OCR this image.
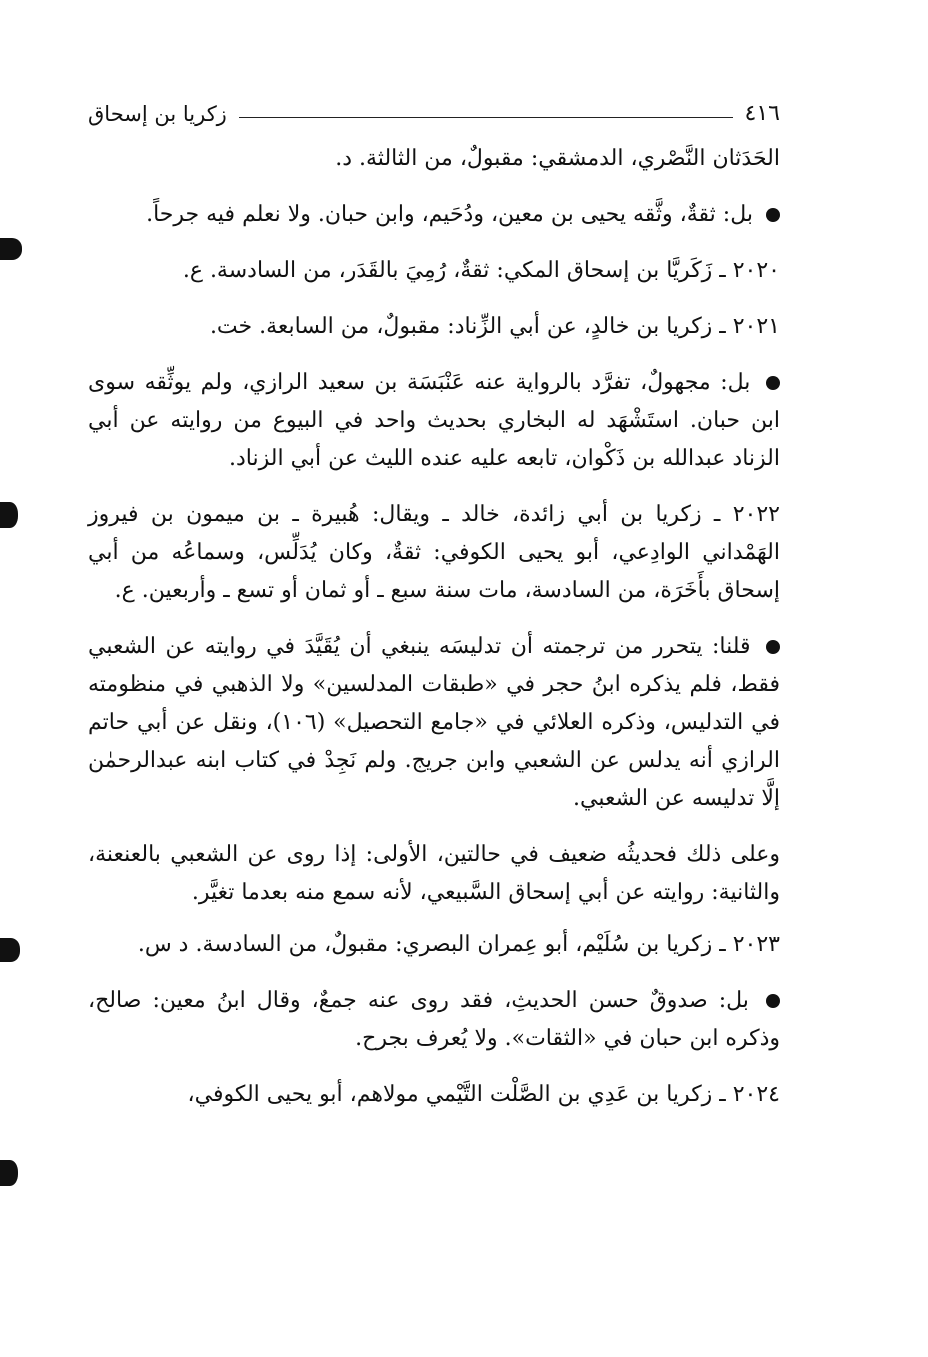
٤١٦
زكريا بن إسحاق

الحَدَثان النَّصْري، الدمشقي: مقبولٌ، من الثالثة. د.

بل: ثقةٌ، وثَّقه يحيى بن معين، ودُحَيم، وابن حبان. ولا نعلم فيه جرحاً.

٢٠٢٠ ـ زَكَريَّا بن إسحاق المكي: ثقةٌ، رُمِيَ بالقَدَر، من السادسة. ع.

٢٠٢١ ـ زكريا بن خالدٍ، عن أبي الزِّناد: مقبولٌ، من السابعة. خت.

بل: مجهولٌ، تفرَّد بالرواية عنه عَنْبَسَة بن سعيد الرازي، ولم يوثِّقه سوى ابن حبان. استَشْهَد له البخاري بحديث واحد في البيوع من روايته عن أبي الزناد عبدالله بن ذَكْوان، تابعه عليه عنده الليث عن أبي الزناد.

٢٠٢٢ ـ زكريا بن أبي زائدة، خالد ـ ويقال: هُبيرة ـ بن ميمون بن فيروز الهَمْداني الوادِعي، أبو يحيى الكوفي: ثقةٌ، وكان يُدَلِّس، وسماعُه من أبي إسحاق بأَخَرَة، من السادسة، مات سنة سبع ـ أو ثمان أو تسع ـ وأربعين. ع.

قلنا: يتحرر من ترجمته أن تدليسَه ينبغي أن يُقَيَّدَ في روايته عن الشعبي فقط، فلم يذكره ابنُ حجر في «طبقات المدلسين» ولا الذهبي في منظومته في التدليس، وذكره العلائي في «جامع التحصيل» (١٠٦)، ونقل عن أبي حاتم الرازي أنه يدلس عن الشعبي وابن جريج. ولم نَجِدْ في كتاب ابنه عبدالرحمٰن إلَّا تدليسه عن الشعبي.

وعلى ذلك فحديثُه ضعيف في حالتين، الأولى: إذا روى عن الشعبي بالعنعنة، والثانية: روايته عن أبي إسحاق السَّبيعي، لأنه سمع منه بعدما تغيَّر.

٢٠٢٣ ـ زكريا بن سُلَيْم، أبو عِمران البصري: مقبولٌ، من السادسة. د س.

بل: صدوقٌ حسن الحديثِ، فقد روى عنه جمعٌ، وقال ابنُ معين: صالح، وذكره ابن حبان في «الثقات». ولا يُعرف بجرح.

٢٠٢٤ ـ زكريا بن عَدِي بن الصَّلْت التَّيْمي مولاهم، أبو يحيى الكوفي،
